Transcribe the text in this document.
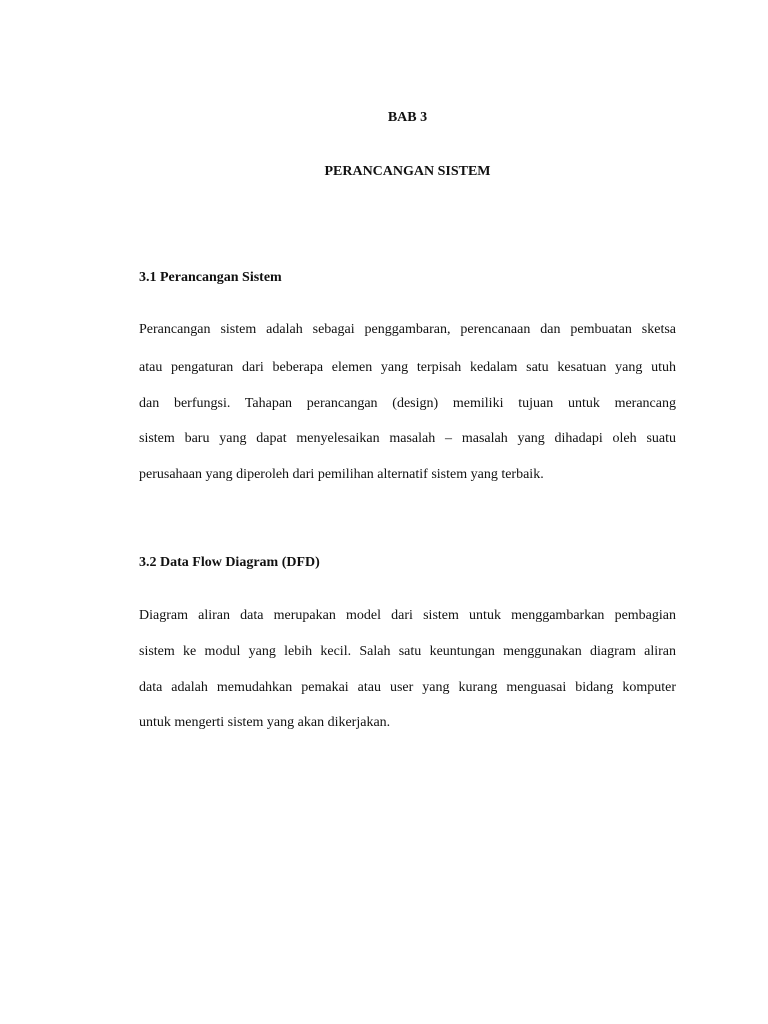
BAB 3
PERANCANGAN SISTEM
3.1 Perancangan Sistem

Perancangan sistem adalah sebagai penggambaran, perencanaan dan pembuatan sketsa

atau pengaturan dari beberapa elemen yang terpisah kedalam satu kesatuan yang utuh

dan berfungsi. Tahapan perancangan (design) memiliki tujuan untuk merancang

sistem baru yang dapat menyelesaikan masalah – masalah yang dihadapi oleh suatu

perusahaan yang diperoleh dari pemilihan alternatif sistem yang terbaik.

3.2 Data Flow Diagram (DFD)

Diagram aliran data merupakan model dari sistem untuk menggambarkan pembagian

sistem ke modul yang lebih kecil. Salah satu keuntungan menggunakan diagram aliran

data adalah memudahkan pemakai atau user yang kurang menguasai bidang komputer

untuk mengerti sistem yang akan dikerjakan.
